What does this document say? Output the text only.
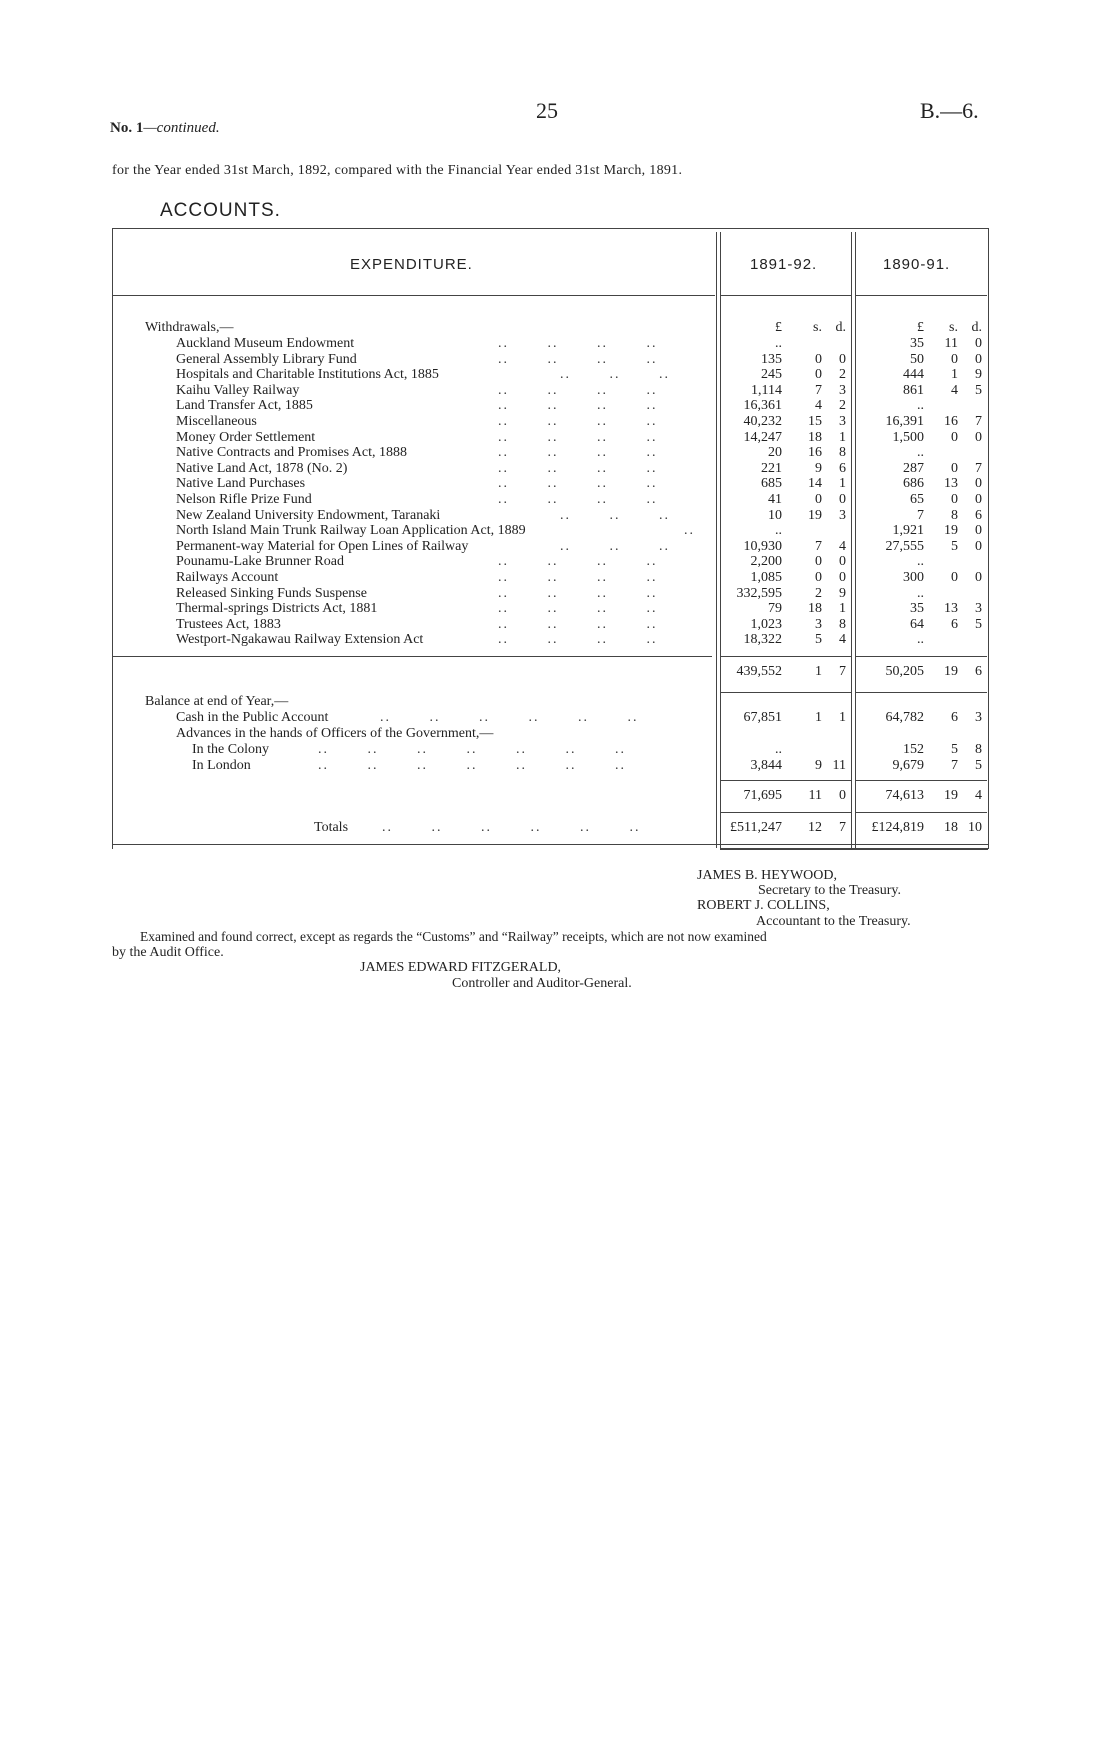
No. 1—continued.
25	B.—6.
for the Year ended 31st March, 1892, compared with the Financial Year ended 31st March, 1891.
ACCOUNTS.
EXPENDITURE.	1891-92.	1890-91.
£	s. d.	£	s. d.
Withdrawals,—
Auckland Museum Endowment	..       ..       ..       ..	..	35	11	0
General Assembly Library Fund	..       ..       ..       ..	135	0	0	50	0	0
Hospitals and Charitable Institutions Act, 1885	..       ..       ..	245	0	2	444	1	9
Kaihu Valley Railway	..       ..       ..       ..	1,114	7	3	861	4	5
Land Transfer Act, 1885	..       ..       ..       ..	16,361	4	2	..
Miscellaneous	..       ..       ..       ..	40,232	15	3	16,391	16	7
Money Order Settlement	..       ..       ..       ..	14,247	18	1	1,500	0	0
Native Contracts and Promises Act, 1888	..       ..       ..       ..	20	16	8	..
Native Land Act, 1878 (No. 2)	..       ..       ..       ..	221	9	6	287	0	7
Native Land Purchases	..       ..       ..       ..	685	14	1	686	13	0
Nelson Rifle Prize Fund	..       ..       ..       ..	41	0	0	65	0	0
New Zealand University Endowment, Taranaki	..       ..       ..	10	19	3	7	8	6
North Island Main Trunk Railway Loan Application Act, 1889	..	..	1,921	19	0
Permanent-way Material for Open Lines of Railway	..       ..       ..	10,930	7	4	27,555	5	0
Pounamu-Lake Brunner Road	..       ..       ..       ..	2,200	0	0	..
Railways Account	..       ..       ..       ..	1,085	0	0	300	0	0
Released Sinking Funds Suspense	..       ..       ..       ..	332,595	2	9	..
Thermal-springs Districts Act, 1881	..       ..       ..       ..	79	18	1	35	13	3
Trustees Act, 1883	..       ..       ..       ..	1,023	3	8	64	6	5
Westport-Ngakawau Railway Extension Act	..       ..       ..       ..	18,322	5	4	..
439,552	1	7	50,205	19	6
Balance at end of Year,—
Cash in the Public Account	..       ..       ..       ..       ..       ..	67,851	1	1	64,782	6	3
Advances in the hands of Officers of the Government,—
In the Colony	..       ..       ..       ..       ..       ..       ..	..	152	5	8
In London	..       ..       ..       ..       ..       ..       ..	3,844	9 11	9,679	7	5
71,695	11	0	74,613	19	4
Totals ..       ..       ..       ..       ..       ..	£511,247	12	7	£124,819	18 10
JAMES B. HEYWOOD,
Secretary to the Treasury.
ROBERT J. COLLINS,
Accountant to the Treasury.
Examined and found correct, except as regards the “Customs” and “Railway” receipts, which are not now examined
by the Audit Office.
JAMES EDWARD FITZGERALD,
Controller and Auditor-General.
